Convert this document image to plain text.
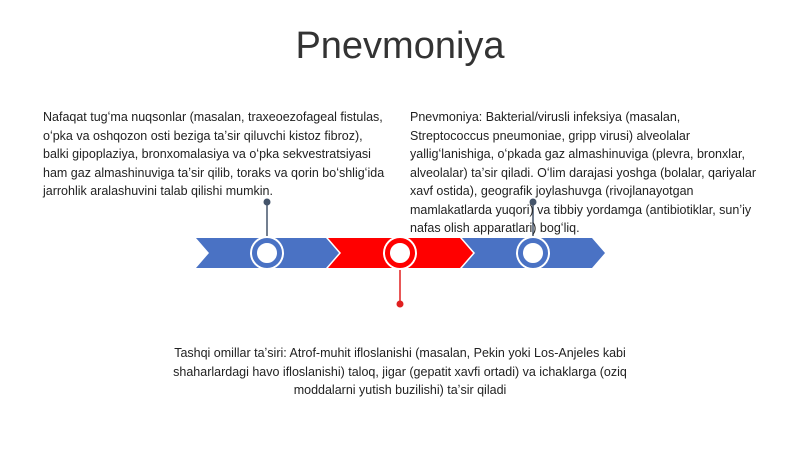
Pnevmoniya
Nafaqat tugʻma nuqsonlar (masalan, traxeoezofageal fistulas, oʻpka va oshqozon osti beziga taʼsir qiluvchi kistoz fibroz), balki gipoplaziya, bronxomalasiya va oʻpka sekvestratsiyasi ham gaz almashinuviga taʼsir qilib, toraks va qorin boʻshligʻida jarrohlik aralashuvini talab qilishi mumkin.
Pnevmoniya: Bakterial/virusli infeksiya (masalan, Streptococcus pneumoniae, gripp virusi) alveolalar yalligʻlanishiga, oʻpkada gaz almashinuviga (plevra, bronxlar, alveolalar) taʼsir qiladi. Oʻlim darajasi yoshga (bolalar, qariyalar xavf ostida), geografik joylashuvga (rivojlanayotgan mamlakatlarda yuqori) va tibbiy yordamga (antibiotiklar, sunʼiy nafas olish apparatlari) bogʻliq.
Tashqi omillar taʼsiri: Atrof-muhit ifloslanishi (masalan, Pekin yoki Los-Anjeles kabi shaharlardagi havo ifloslanishi) taloq, jigar (gepatit xavfi ortadi) va ichaklarga (oziq moddalarni yutish buzilishi) taʼsir qiladi
